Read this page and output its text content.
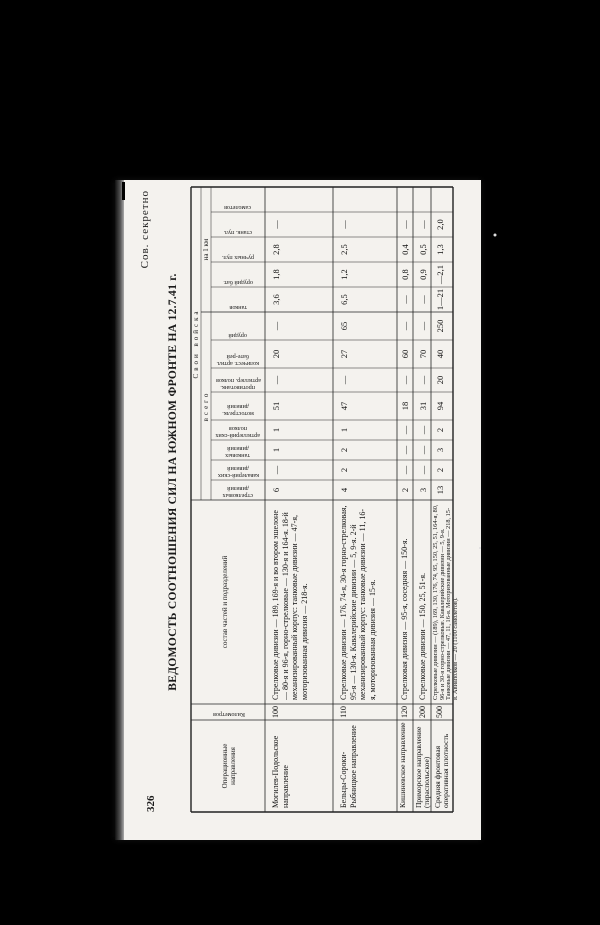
326
Сов. секретно
ВЕДОМОСТЬ СООТНОШЕНИЯ СИЛ НА ЮЖНОМ ФРОНТЕ НА 12.7.41 г.
Операционные направления
Километров
состав частей и подразделений
Свои войска
всего
на 1 км
стрелковых дивизий
кавалерий-ских дивизий
танковых дивизий
артиллерий-ских полков
мотострелк. дивизий
противотанк. артиллер. полков
количест. артил. бате-рей
орудий
танков
орудий бат.
ручных пул.
станк. пул.
самолетов
Могилев-Подольское направление
100
Стрелковые дивизии — 189, 169-я и во втором эшелоне — 80-я и 96-я, горно-стрелковые — 130-я и 164-я. 18-й механизированный корпус: танковые дивизии — 47-я, моторизованная дивизия — 218-я.
6
—
1
1
51
—
20
—
3,6
1,8
2,8
—
Бельцы-Сороки-Рыбницкое направление
110
Стрелковые дивизии — 176, 74-я, 30-я горно-стрелковая, 95-я — 130-я. Кавалерийские дивизии — 5, 9-я. 2-й механизированный корпус: танковые дивизии — 11, 16-я, моторизованная дивизия — 15-я.
4
2
2
1
47
—
27
65
6,5
1,2
2,5
—
Кишиневское направление
120
Стрелковая дивизия — 95-я, соседняя — 150-я.
2
—
—
—
18
—
60
—
—
0,8
0,4
—
Приморское направление (тираспольское)
200
Стрелковые дивизии — 150, 25, 51-я.
3
—
—
—
31
—
70
—
—
0,9
0,5
—
Средняя фронтовая оперативная плотность
500
Стрелковые дивизии — (189), 169, 130, 176, 74, 95, 150, 25, 51, 164-я, 80, 96-я и 30-я горно-стрелковые. Кавалерийские дивизии — 5, 9-я. Танковые дивизии — 47, 11, 16-я. Моторизованные дивизии — 218, 15-я. Авиаполков — 20 (1100 самолетов).
13
2
3
2
94
20
40
250
1—21
—2,1
1,3
2,0
